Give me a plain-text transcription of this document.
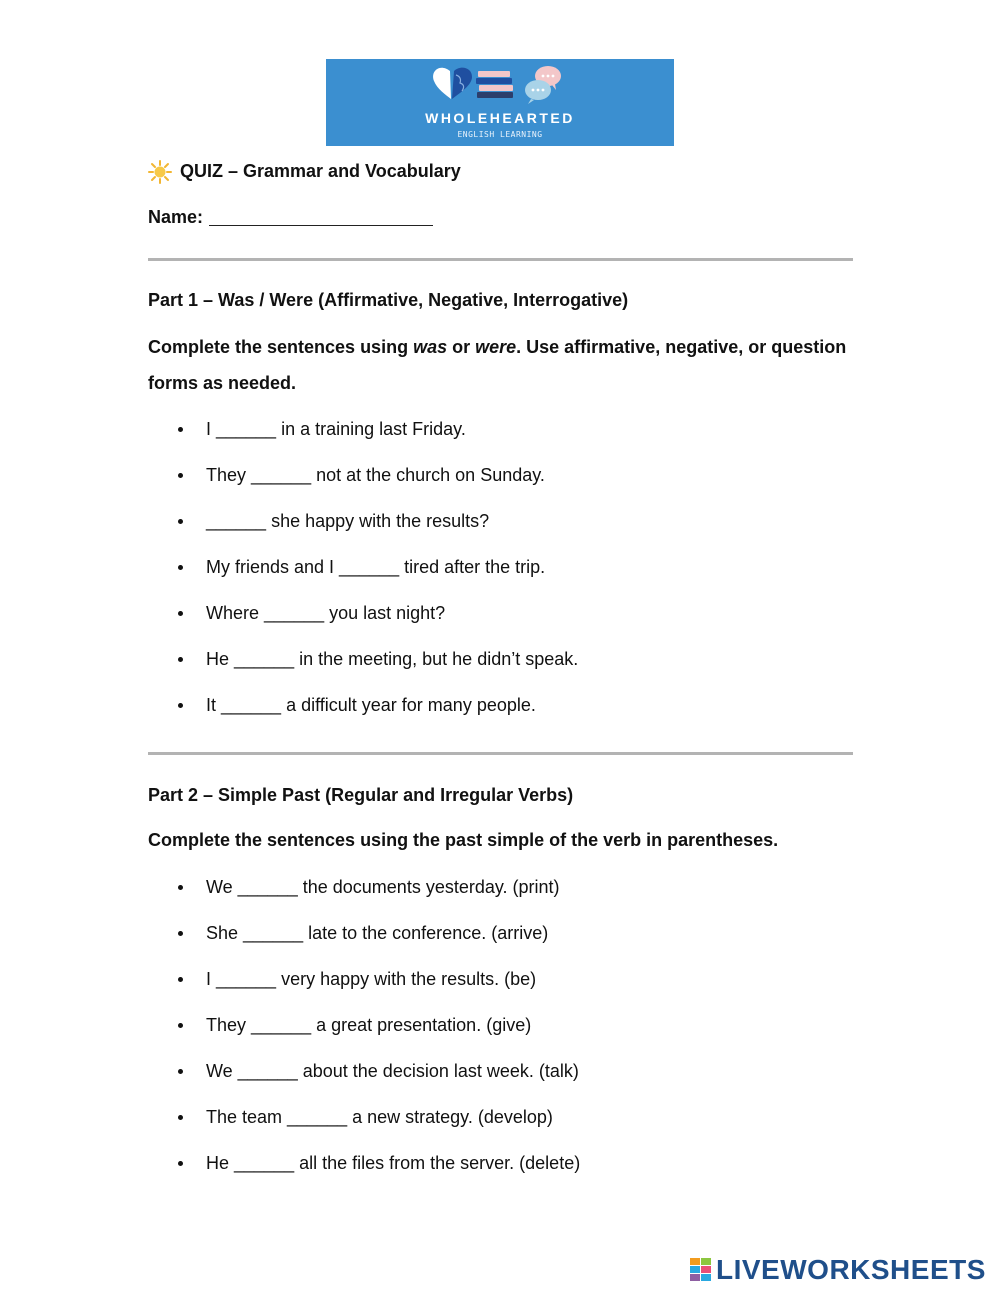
WHOLEHEARTED
ENGLISH LEARNING
QUIZ – Grammar and Vocabulary
Name:
Part 1 – Was / Were (Affirmative, Negative, Interrogative)
Complete the sentences using was or were. Use affirmative, negative, or question forms as needed.
I ______ in a training last Friday.
They ______ not at the church on Sunday.
______ she happy with the results?
My friends and I ______ tired after the trip.
Where ______ you last night?
He ______ in the meeting, but he didn’t speak.
It ______ a difficult year for many people.
Part 2 – Simple Past (Regular and Irregular Verbs)
Complete the sentences using the past simple of the verb in parentheses.
We ______ the documents yesterday. (print)
She ______ late to the conference. (arrive)
I ______ very happy with the results. (be)
They ______ a great presentation. (give)
We ______ about the decision last week. (talk)
The team ______ a new strategy. (develop)
He ______ all the files from the server. (delete)
LIVEWORKSHEETS
